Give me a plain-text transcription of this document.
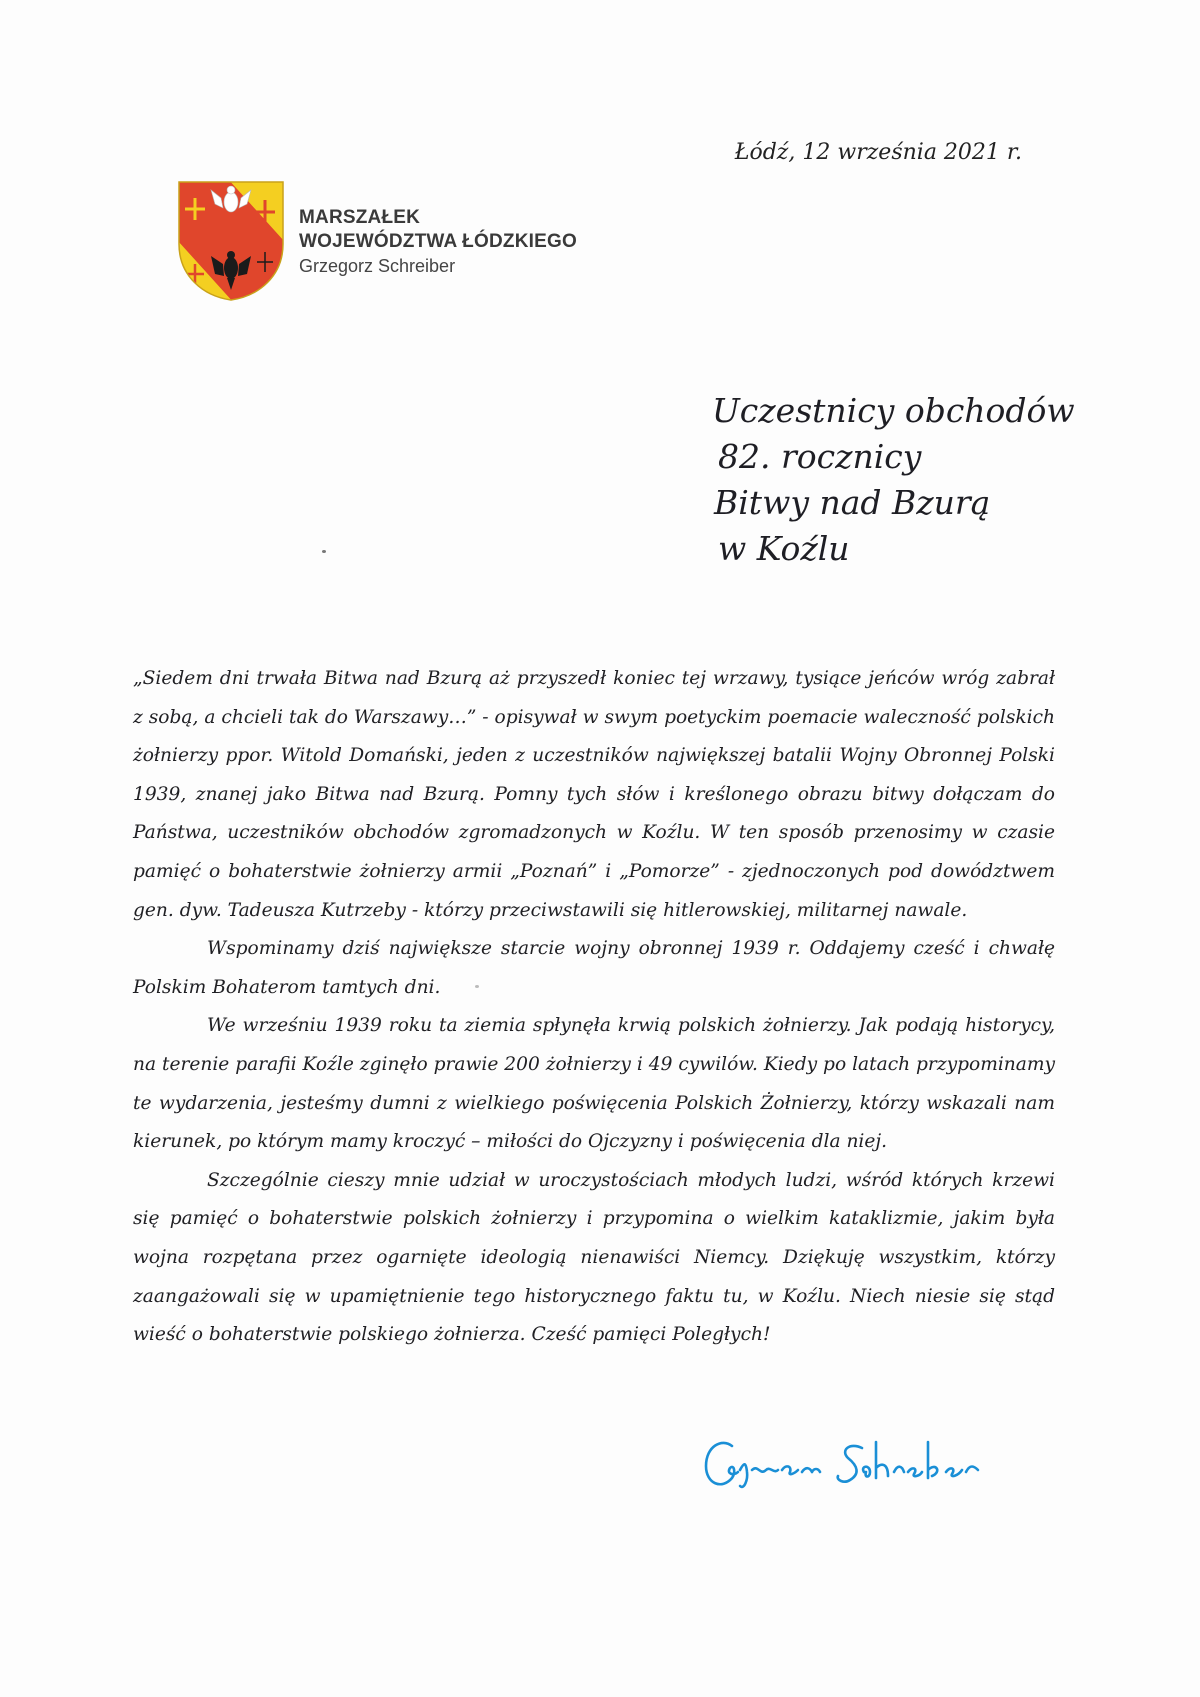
Łódź, 12 września 2021 r.
MARSZAŁEK
WOJEWÓDZTWA ŁÓDZKIEGO
Grzegorz Schreiber
Uczestnicy obchodów
82. rocznicy
Bitwy nad Bzurą
w Koźlu

„Siedem dni trwała Bitwa nad Bzurą aż przyszedł koniec tej wrzawy, tysiące jeńców wróg zabrał z sobą, a chcieli tak do Warszawy…” - opisywał w swym poetyckim poemacie waleczność polskich żołnierzy ppor. Witold Domański, jeden z uczestników największej batalii Wojny Obronnej Polski 1939, znanej jako Bitwa nad Bzurą. Pomny tych słów i kreślonego obrazu bitwy dołączam do Państwa, uczestników obchodów zgromadzonych w Koźlu. W ten sposób przenosimy w czasie pamięć o bohaterstwie żołnierzy armii „Poznań” i „Pomorze” - zjednoczonych pod dowództwem gen. dyw. Tadeusza Kutrzeby - którzy przeciwstawili się hitlerowskiej, militarnej nawale.

Wspominamy dziś największe starcie wojny obronnej 1939 r. Oddajemy cześć i chwałę Polskim Bohaterom tamtych dni.

We wrześniu 1939 roku ta ziemia spłynęła krwią polskich żołnierzy. Jak podają historycy, na terenie parafii Koźle zginęło prawie 200 żołnierzy i 49 cywilów. Kiedy po latach przypominamy te wydarzenia, jesteśmy dumni z wielkiego poświęcenia Polskich Żołnierzy, którzy wskazali nam kierunek, po którym mamy kroczyć – miłości do Ojczyzny i poświęcenia dla niej.

Szczególnie cieszy mnie udział w uroczystościach młodych ludzi, wśród których krzewi się pamięć o bohaterstwie polskich żołnierzy i przypomina o wielkim kataklizmie, jakim była wojna rozpętana przez ogarnięte ideologią nienawiści Niemcy. Dziękuję wszystkim, którzy zaangażowali się w upamiętnienie tego historycznego faktu tu, w Koźlu. Niech niesie się stąd wieść o bohaterstwie polskiego żołnierza. Cześć pamięci Poległych!
